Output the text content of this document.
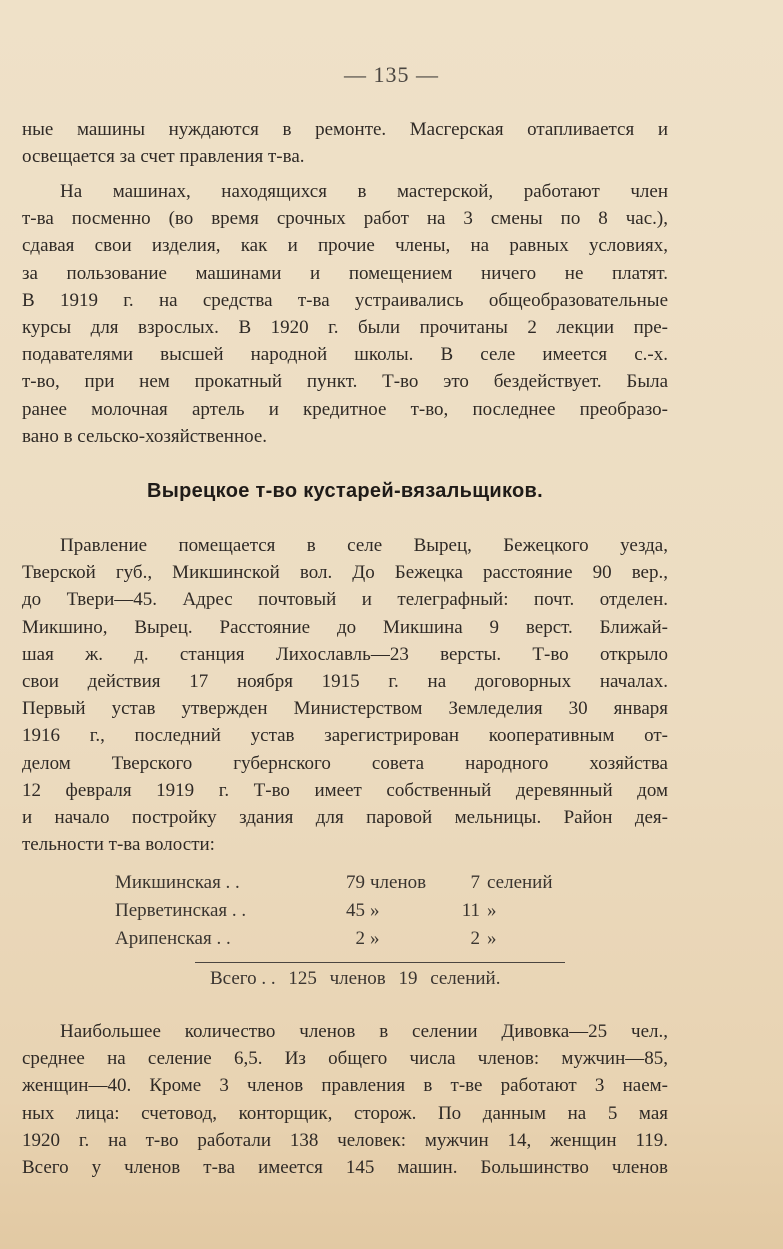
— 135 —
ные машины нуждаются в ремонте. Масгерская отапливается и
освещается за счет правления т-ва.
На машинах, находящихся в мастерской, работают член
т-ва посменно (во время срочных работ на 3 смены по 8 час.),
сдавая свои изделия, как и прочие члены, на равных условиях,
за пользование машинами и помещением ничего не платят.
В 1919 г. на средства т-ва устраивались общеобразовательные
курсы для взрослых. В 1920 г. были прочитаны 2 лекции пре-
подавателями высшей народной школы. В селе имеется с.-х.
т-во, при нем прокатный пункт. Т-во это бездействует. Была
ранее молочная артель и кредитное т-во, последнее преобразо-
вано в сельско-хозяйственное.
Вырецкое т-во кустарей-вязальщиков.
Правление помещается в селе Вырец, Бежецкого уезда,
Тверской губ., Микшинской вол. До Бежецка расстояние 90 вер.,
до Твери—45. Адрес почтовый и телеграфный: почт. отделен.
Микшино, Вырец. Расстояние до Микшина 9 верст. Ближай-
шая ж. д. станция Лихославль—23 версты. Т-во открыло
свои действия 17 ноября 1915 г. на договорных началах.
Первый устав утвержден Министерством Земледелия 30 января
1916 г., последний устав зарегистрирован кооперативным от-
делом Тверского губернского совета народного хозяйства
12 февраля 1919 г. Т-во имеет собственный деревянный дом
и начало постройку здания для паровой мельницы. Район дея-
тельности т-ва волости:
Микшинская . .	79 членов	7 селений
Перветинская . .	45 »	11 »
Арипенская . .	2 »	2 »
Всего . . 125 членов 19 селений.
Наибольшее количество членов в селении Дивовка—25 чел.,
среднее на селение 6,5. Из общего числа членов: мужчин—85,
женщин—40. Кроме 3 членов правления в т-ве работают 3 наем-
ных лица: счетовод, конторщик, сторож. По данным на 5 мая
1920 г. на т-во работали 138 человек: мужчин 14, женщин 119.
Всего у членов т-ва имеется 145 машин. Большинство членов
